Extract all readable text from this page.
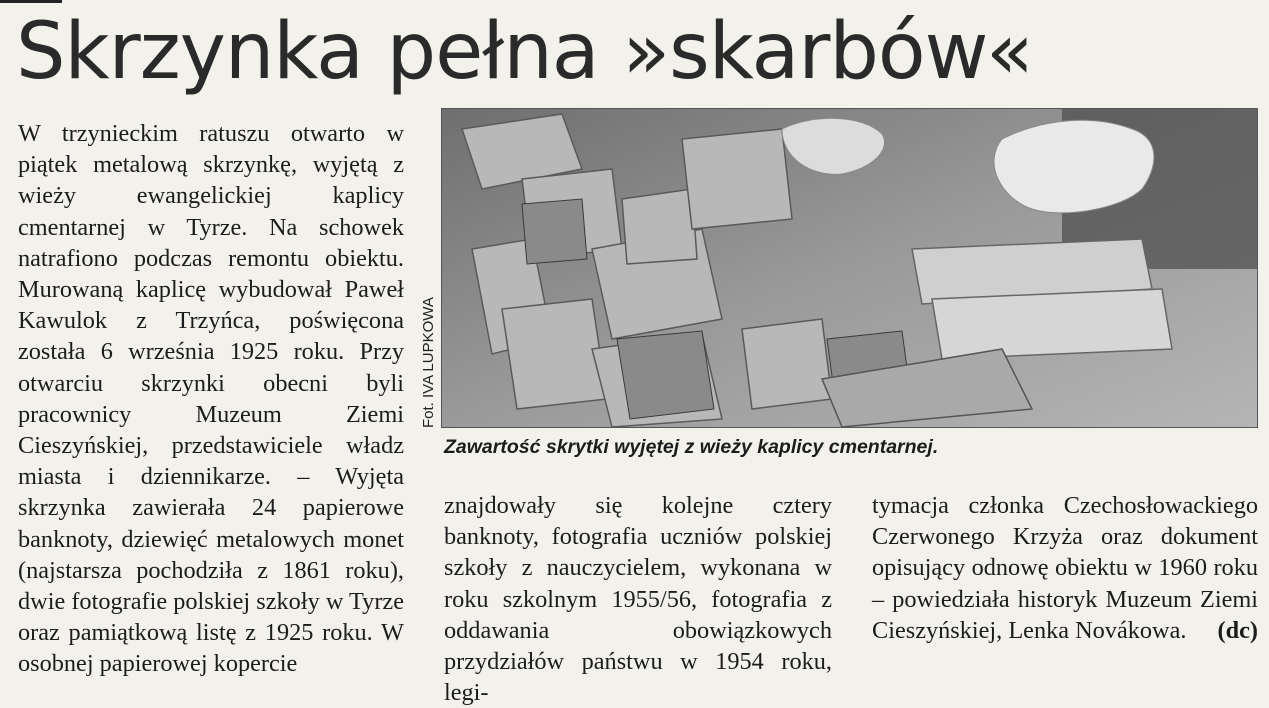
Skrzynka pełna »skarbów«

W trzynieckim ratuszu otwarto w piątek metalową skrzynkę, wyjętą z wieży ewangelickiej kaplicy cmentarnej w Tyrze. Na schowek natrafiono podczas remontu obiektu. Murowaną kaplicę wybudował Paweł Kawulok z Trzyńca, poświęcona została 6 września 1925 roku. Przy otwarciu skrzynki obecni byli pracownicy Muzeum Ziemi Cieszyńskiej, przedstawiciele władz miasta i dziennikarze. – Wyjęta skrzynka zawierała 24 papierowe banknoty, dziewięć metalowych monet (najstarsza pochodziła z 1861 roku), dwie fotografie polskiej szkoły w Tyrze oraz pamiątkową listę z 1925 roku. W osobnej papierowej kopercie

Fot. IVA LUPKOWA
Zawartość skrytki wyjętej z wieży kaplicy cmentarnej.

znajdowały się kolejne cztery banknoty, fotografia uczniów polskiej szkoły z nauczycielem, wykonana w roku szkolnym 1955/56, fotografia z oddawania obowiązkowych przydziałów państwu w 1954 roku, legi-

tymacja członka Czechosłowackiego Czerwonego Krzyża oraz dokument opisujący odnowę obiektu w 1960 roku – powiedziała historyk Muzeum Ziemi Cieszyńskiej, Lenka Novákowa. (dc)
